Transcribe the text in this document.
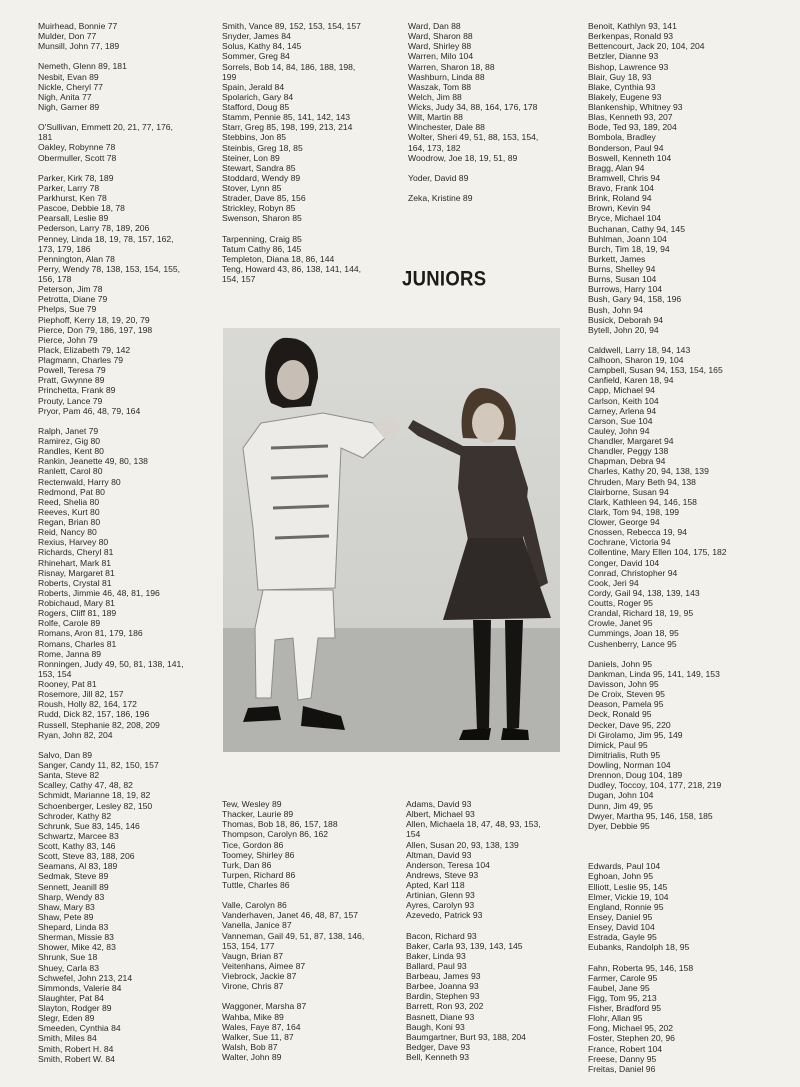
Muirhead, Bonnie 77
Mulder, Don 77
Munsill, John 77, 189
Nemeth, Glenn 89, 181
Nesbit, Evan 89
Nickle, Cheryl 77
Nigh, Anita 77
Nigh, Garner 89
O'Sullivan, Emmett 20, 21, 77, 176,
181
Oakley, Robynne 78
Obermuller, Scott 78
Parker, Kirk 78, 189
Parker, Larry 78
Parkhurst, Ken 78
Pascoe, Debbie 18, 78
Pearsall, Leslie 89
Pederson, Larry 78, 189, 206
Penney, Linda 18, 19, 78, 157, 162,
173, 179, 186
Pennington, Alan 78
Perry, Wendy 78, 138, 153, 154, 155,
156, 178
Peterson, Jim 78
Petrotta, Diane 79
Phelps, Sue 79
Piephoff, Kerry 18, 19, 20, 79
Pierce, Don 79, 186, 197, 198
Pierce, John 79
Plack, Elizabeth 79, 142
Plagmann, Charles 79
Powell, Teresa 79
Pratt, Gwynne 89
Princhetta, Frank 89
Prouty, Lance 79
Pryor, Pam 46, 48, 79, 164
Ralph, Janet 79
Ramirez, Gig 80
Randles, Kent 80
Rankin, Jeanette 49, 80, 138
Ranlett, Carol 80
Rectenwald, Harry 80
Redmond, Pat 80
Reed, Shelia 80
Reeves, Kurt 80
Regan, Brian 80
Reid, Nancy 80
Rexius, Harvey 80
Richards, Cheryl 81
Rhinehart, Mark 81
Risnay, Margaret 81
Roberts, Crystal 81
Roberts, Jimmie 46, 48, 81, 196
Robichaud, Mary 81
Rogers, Cliff 81, 189
Rolfe, Carole 89
Romans, Aron 81, 179, 186
Romans, Charles 81
Rome, Janna 89
Ronningen, Judy 49, 50, 81, 138, 141,
153, 154
Rooney, Pat 81
Rosemore, Jill 82, 157
Roush, Holly 82, 164, 172
Rudd, Dick 82, 157, 186, 196
Russell, Stephanie 82, 208, 209
Ryan, John 82, 204
Salvo, Dan 89
Sanger, Candy 11, 82, 150, 157
Santa, Steve 82
Scalley, Cathy 47, 48, 82
Schmidt, Marianne 18, 19, 82
Schoenberger, Lesley 82, 150
Schroder, Kathy 82
Schrunk, Sue 83, 145, 146
Schwartz, Marcee 83
Scott, Kathy 83, 146
Scott, Steve 83, 188, 206
Seamans, Al 83, 189
Sedmak, Steve 89
Sennett, Jeanill 89
Sharp, Wendy 83
Shaw, Mary 83
Shaw, Pete 89
Shepard, Linda 83
Sherman, Missie 83
Shower, Mike 42, 83
Shrunk, Sue 18
Shuey, Carla 83
Schwefel, John 213, 214
Simmonds, Valerie 84
Slaughter, Pat 84
Slayton, Rodger 89
Slegr, Eden 89
Smeeden, Cynthia 84
Smith, Miles 84
Smith, Robert H. 84
Smith, Robert W. 84
Smith, Vance 89, 152, 153, 154, 157
Snyder, James 84
Solus, Kathy 84, 145
Sommer, Greg 84
Sorrels, Bob 14, 84, 186, 188, 198,
199
Spain, Jerald 84
Spolarich, Gary 84
Stafford, Doug 85
Stamm, Pennie 85, 141, 142, 143
Starr, Greg 85, 198, 199, 213, 214
Stebbins, Jon 85
Steinbis, Greg 18, 85
Steiner, Lon 89
Stewart, Sandra 85
Stoddard, Wendy 89
Stover, Lynn 85
Strader, Dave 85, 156
Strickley, Robyn 85
Swenson, Sharon 85
Tarpenning, Craig 85
Tatum Cathy 86, 145
Templeton, Diana 18, 86, 144
Teng, Howard 43, 86, 138, 141, 144,
154, 157
Ward, Dan 88
Ward, Sharon 88
Ward, Shirley 88
Warren, Milo 104
Warren, Sharon 18, 88
Washburn, Linda 88
Waszak, Tom 88
Welch, Jim 88
Wicks, Judy 34, 88, 164, 176, 178
Wilt, Martin 88
Winchester, Dale 88
Wolter, Sheri 49, 51, 88, 153, 154,
164, 173, 182
Woodrow, Joe 18, 19, 51, 89
Yoder, David 89
Zeka, Kristine 89
Benoit, Kathlyn 93, 141
Berkenpas, Ronald 93
Bettencourt, Jack 20, 104, 204
Betzler, Dianne 93
Bishop, Lawrence 93
Blair, Guy 18, 93
Blake, Cynthia 93
Blakely, Eugene 93
Blankenship, Whitney 93
Blas, Kenneth 93, 207
Bode, Ted 93, 189, 204
Bombola, Bradley
Bonderson, Paul 94
Boswell, Kenneth 104
Bragg, Alan 94
Bramwell, Chris 94
Bravo, Frank 104
Brink, Roland 94
Brown, Kevin 94
Bryce, Michael 104
Buchanan, Cathy 94, 145
Buhlman, Joann 104
Burch, Tim 18, 19, 94
Burkett, James
Burns, Shelley 94
Burns, Susan 104
Burrows, Harry 104
Bush, Gary 94, 158, 196
Bush, John 94
Busick, Deborah 94
Bytell, John 20, 94
Caldwell, Larry 18, 94, 143
Calhoon, Sharon 19, 104
Campbell, Susan 94, 153, 154, 165
Canfield, Karen 18, 94
Capp, Michael 94
Carlson, Keith 104
Carney, Arlena 94
Carson, Sue 104
Cauley, John 94
Chandler, Margaret 94
Chandler, Peggy 138
Chapman, Debra 94
Charles, Kathy 20, 94, 138, 139
Chruden, Mary Beth 94, 138
Clairborne, Susan 94
Clark, Kathleen 94, 146, 158
Clark, Tom 94, 198, 199
Clower, George 94
Cnossen, Rebecca 19, 94
Cochrane, Victoria 94
Collentine, Mary Ellen 104, 175, 182
Conger, David 104
Conrad, Christopher 94
Cook, Jeri 94
Cordy, Gail 94, 138, 139, 143
Coutts, Roger 95
Crandal, Richard 18, 19, 95
Crowle, Janet 95
Cummings, Joan 18, 95
Cushenberry, Lance 95
Daniels, John 95
Dankman, Linda 95, 141, 149, 153
Davisson, John 95
De Croix, Steven 95
Deason, Pamela 95
Deck, Ronald 95
Decker, Dave 95, 220
Di Girolamo, Jim 95, 149
Dimick, Paul 95
Dimitrialis, Ruth 95
Dowling, Norman 104
Drennon, Doug 104, 189
Dudley, Toccoy, 104, 177, 218, 219
Dugan, John 104
Dunn, Jim 49, 95
Dwyer, Martha 95, 146, 158, 185
Dyer, Debbie 95
Edwards, Paul 104
Eghoan, John 95
Elliott, Leslie 95, 145
Elmer, Vickie 19, 104
England, Ronnie 95
Ensey, Daniel 95
Ensey, David 104
Estrada, Gayle 95
Eubanks, Randolph 18, 95
Fahn, Roberta 95, 146, 158
Farmer, Carole 95
Faubel, Jane 95
Figg, Tom 95, 213
Fisher, Bradford 95
Flohr, Allan 95
Fong, Michael 95, 202
Foster, Stephen 20, 96
France, Robert 104
Freese, Danny 95
Freitas, Daniel 96
Tew, Wesley 89
Thacker, Laurie 89
Thomas, Bob 18, 86, 157, 188
Thompson, Carolyn 86, 162
Tice, Gordon 86
Toomey, Shirley 86
Turk, Dan 86
Turpen, Richard 86
Tuttle, Charles 86
Valle, Carolyn 86
Vanderhaven, Janet 46, 48, 87, 157
Vanella, Janice 87
Vanneman, Gail 49, 51, 87, 138, 146,
153, 154, 177
Vaugn, Brian 87
Veitenhans, Aimee 87
Viebrock, Jackie 87
Virone, Chris 87
Waggoner, Marsha 87
Wahba, Mike 89
Wales, Faye 87, 164
Walker, Sue 11, 87
Walsh, Bob 87
Walter, John 89
Adams, David 93
Albert, Michael 93
Allen, Michaela 18, 47, 48, 93, 153,
154
Allen, Susan 20, 93, 138, 139
Altman, David 93
Anderson, Teresa 104
Andrews, Steve 93
Apted, Karl 118
Artinian, Glenn 93
Ayres, Carolyn 93
Azevedo, Patrick 93
Bacon, Richard 93
Baker, Carla 93, 139, 143, 145
Baker, Linda 93
Ballard, Paul 93
Barbeau, James 93
Barbee, Joanna 93
Bardin, Stephen 93
Barrett, Ron 93, 202
Basnett, Diane 93
Baugh, Koni 93
Baumgartner, Burt 93, 188, 204
Bedger, Dave 93
Bell, Kenneth 93
JUNIORS
